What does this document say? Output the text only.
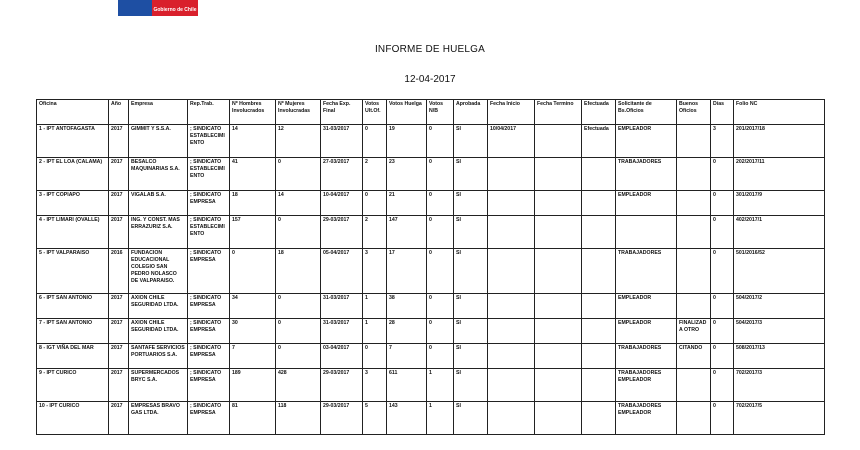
Gobierno de Chile
INFORME DE HUELGA
12-04-2017
Oficina	Año	Empresa	Rep.Trab.	Nº Hombres Involucrados	Nº Mujeres Involucradas	Fecha Exp. Final	Votos Ult.Of.	Votos Huelga	Votos N/B	Aprobada	Fecha Inicio	Fecha Termino	Efectuada	Solicitante de Bs.Oficios	Buenos Oficios	Días	Folio NC
1 - IPT ANTOFAGASTA	2017	GIMMIT Y S.S.A.	; SINDICATO ESTABLECIMIENTO	14	12	31-03/2017	0	19	0	SI	10/04/2017		Efectuada	EMPLEADOR		3	201/2017/18
2 - IPT EL LOA (CALAMA)	2017	BESALCO MAQUINARIAS S.A.	; SINDICATO ESTABLECIMIENTO	41	0	27-03/2017	2	23	0	SI				TRABAJADORES		0	202/2017/11
3 - IPT COPIAPO	2017	VIGALAB S.A.	; SINDICATO EMPRESA	18	14	10-04/2017	0	21	0	SI				EMPLEADOR		0	301/2017/9
4 - IPT LIMARI (OVALLE)	2017	ING. Y CONST. MAS ERRAZURIZ S.A.	; SINDICATO ESTABLECIMIENTO	157	0	29-03/2017	2	147	0	SI						0	402/2017/1
5 - IPT VALPARAISO	2016	FUNDACION EDUCACIONAL COLEGIO SAN PEDRO NOLASCO DE VALPARAISO.	; SINDICATO EMPRESA	0	18	05-04/2017	3	17	0	SI				TRABAJADORES		0	501/2016/52
6 - IPT SAN ANTONIO	2017	AXION CHILE SEGURIDAD LTDA.	; SINDICATO EMPRESA	34	0	31-03/2017	1	38	0	SI				EMPLEADOR		0	504/2017/2
7 - IPT SAN ANTONIO	2017	AXION CHILE SEGURIDAD LTDA.	; SINDICATO EMPRESA	30	0	31-03/2017	1	28	0	SI				EMPLEADOR	FINALIZADA OTRO	0	504/2017/3
8 - IGT VIÑA DEL MAR	2017	SANTAFE SERVICIOS PORTUARIOS S.A.	; SINDICATO EMPRESA	7	0	03-04/2017	0	7	0	SI				TRABAJADORES	CITANDO	0	508/2017/13
9 - IPT CURICO	2017	SUPERMERCADOS BRYC S.A.	; SINDICATO EMPRESA	189	428	29-03/2017	3	611	1	SI				TRABAJADORES EMPLEADOR		0	702/2017/3
10 - IPT CURICO	2017	EMPRESAS BRAVO GAS LTDA.	; SINDICATO EMPRESA	81	118	29-03/2017	5	143	1	SI				TRABAJADORES EMPLEADOR		0	702/2017/5
